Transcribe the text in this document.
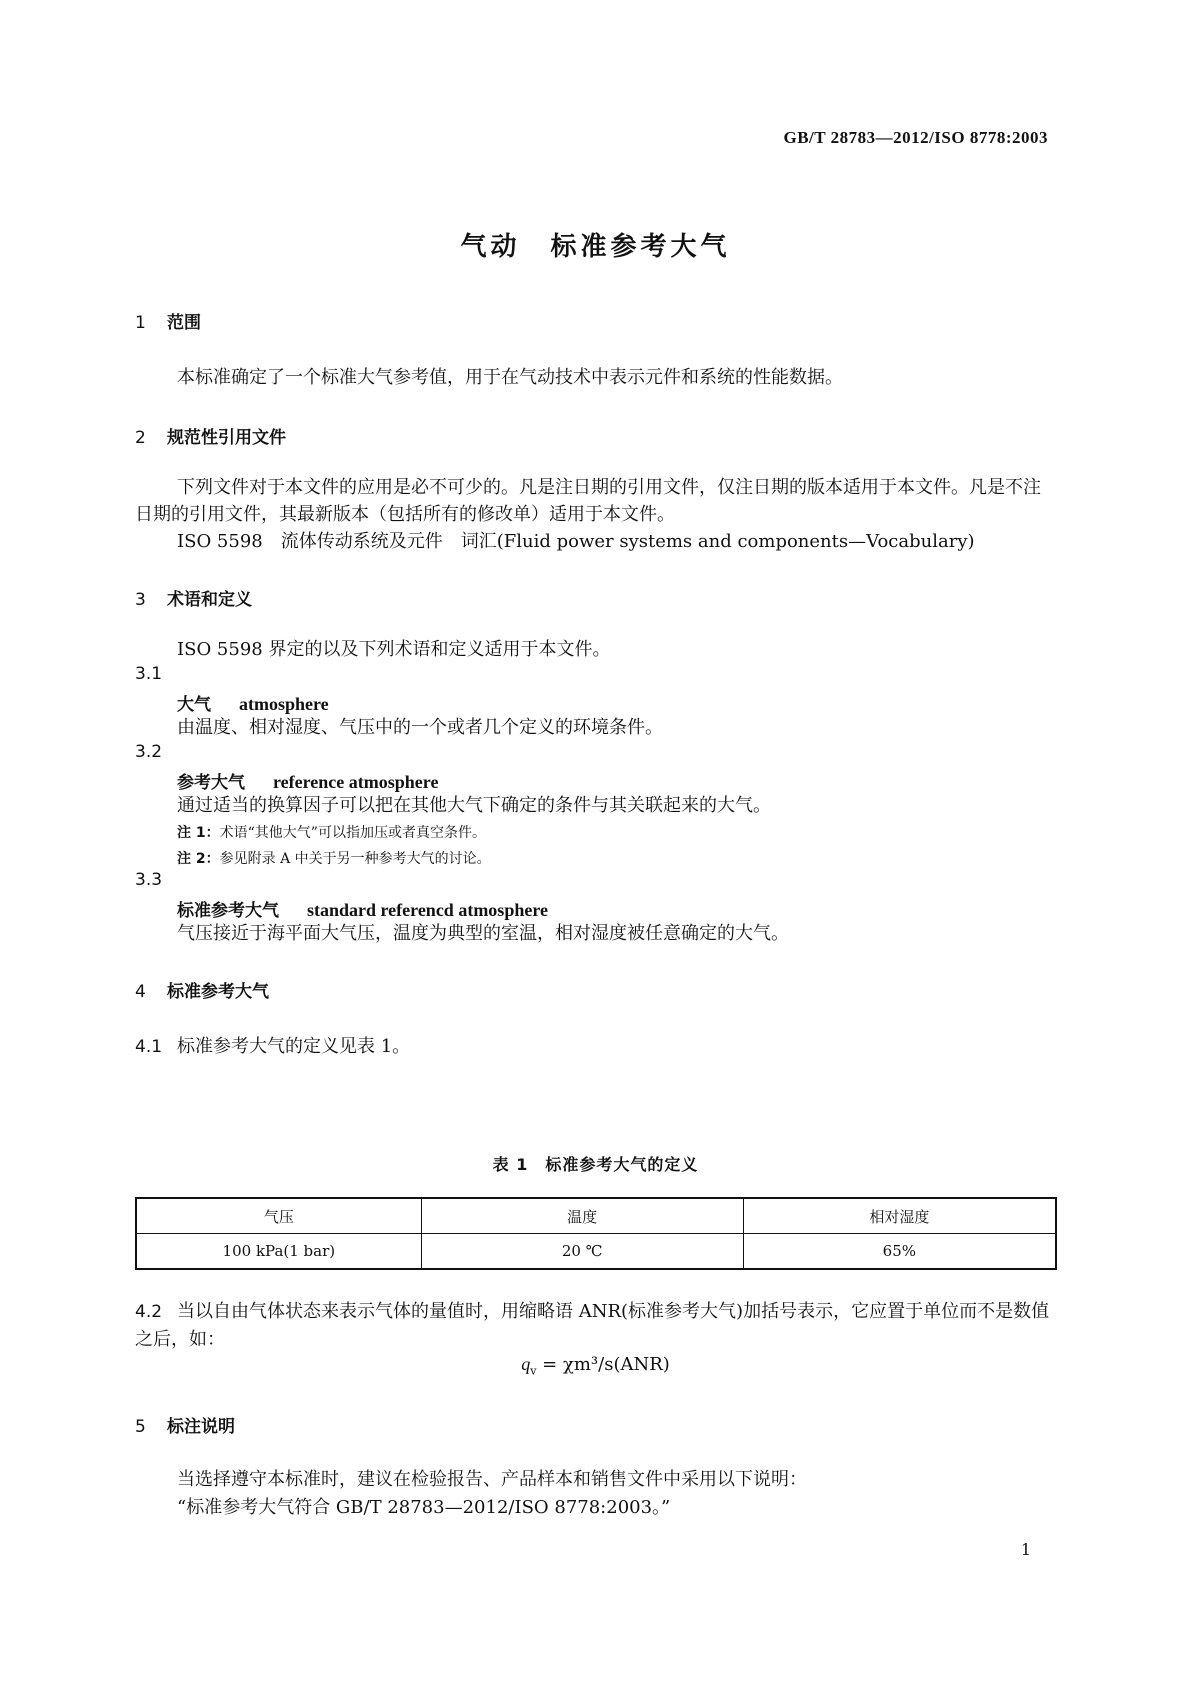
GB/T 28783—2012/ISO 8778:2003
气动　标准参考大气
1 范围
本标准确定了一个标准大气参考值，用于在气动技术中表示元件和系统的性能数据。
2 规范性引用文件
下列文件对于本文件的应用是必不可少的。凡是注日期的引用文件，仅注日期的版本适用于本文件。凡是不注日期的引用文件，其最新版本（包括所有的修改单）适用于本文件。
ISO 5598　流体传动系统及元件　词汇(Fluid power systems and components—Vocabulary)
3 术语和定义
ISO 5598 界定的以及下列术语和定义适用于本文件。
3.1
大气 atmosphere
由温度、相对湿度、气压中的一个或者几个定义的环境条件。
3.2
参考大气 reference atmosphere
通过适当的换算因子可以把在其他大气下确定的条件与其关联起来的大气。
注 1：术语“其他大气”可以指加压或者真空条件。
注 2：参见附录 A 中关于另一种参考大气的讨论。
3.3
标准参考大气 standard referencd atmosphere
气压接近于海平面大气压，温度为典型的室温，相对湿度被任意确定的大气。
4 标准参考大气
4.1 标准参考大气的定义见表 1。
表 1　标准参考大气的定义
气压	温度	相对湿度
100 kPa(1 bar)	20 ℃	65%
4.2 当以自由气体状态来表示气体的量值时，用缩略语 ANR(标准参考大气)加括号表示，它应置于单位而不是数值之后，如：
$q_v = \chi m^3/s(ANR)$
5 标注说明
当选择遵守本标准时，建议在检验报告、产品样本和销售文件中采用以下说明：
“标准参考大气符合 GB/T 28783—2012/ISO 8778:2003。”
1
